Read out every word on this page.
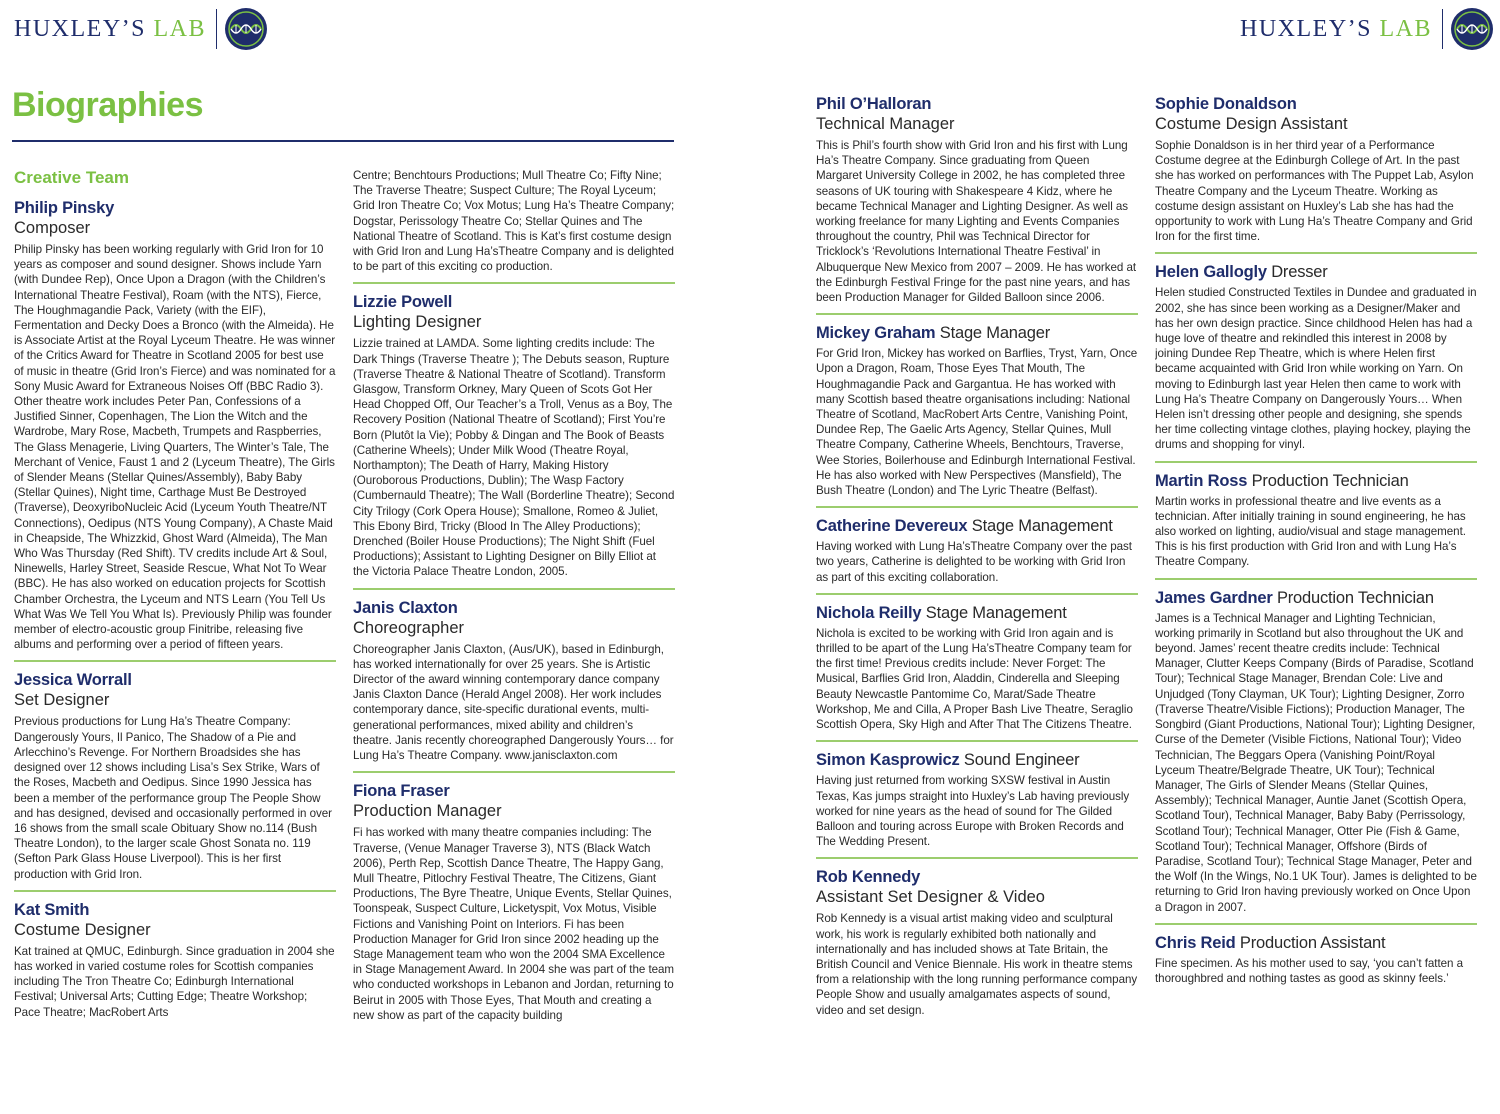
HUXLEY’S LAB	HUXLEY’S LAB
Biographies
Creative Team
Philip Pinsky
Composer

Philip Pinsky has been working regularly with Grid Iron for 10 years as composer and sound designer. Shows include Yarn (with Dundee Rep), Once Upon a Dragon (with the Children’s International Theatre Festival), Roam (with the NTS), Fierce, The Houghmagandie Pack, Variety (with the EIF), Fermentation and Decky Does a Bronco (with the Almeida). He is Associate Artist at the Royal Lyceum Theatre. He was winner of the Critics Award for Theatre in Scotland 2005 for best use of music in theatre (Grid Iron’s Fierce) and was nominated for a Sony Music Award for Extraneous Noises Off (BBC Radio 3). Other theatre work includes Peter Pan, Confessions of a Justified Sinner, Copenhagen, The Lion the Witch and the Wardrobe, Mary Rose, Macbeth, Trumpets and Raspberries, The Glass Menagerie, Living Quarters, The Winter’s Tale, The Merchant of Venice, Faust 1 and 2 (Lyceum Theatre), The Girls of Slender Means (Stellar Quines/Assembly), Baby Baby (Stellar Quines), Night time, Carthage Must Be Destroyed (Traverse), DeoxyriboNucleic Acid (Lyceum Youth Theatre/NT Connections), Oedipus (NTS Young Company), A Chaste Maid in Cheapside, The Whizzkid, Ghost Ward (Almeida), The Man Who Was Thursday (Red Shift). TV credits include Art & Soul, Ninewells, Harley Street, Seaside Rescue, What Not To Wear (BBC). He has also worked on education projects for Scottish Chamber Orchestra, the Lyceum and NTS Learn (You Tell Us What Was We Tell You What Is). Previously Philip was founder member of electro-acoustic group Finitribe, releasing five albums and performing over a period of fifteen years.

Jessica Worrall
Set Designer

Previous productions for Lung Ha’s Theatre Company: Dangerously Yours, Il Panico, The Shadow of a Pie and Arlecchino’s Revenge. For Northern Broadsides she has designed over 12 shows including Lisa’s Sex Strike, Wars of the Roses, Macbeth and Oedipus. Since 1990 Jessica has been a member of the performance group The People Show and has designed, devised and occasionally performed in over 16 shows from the small scale Obituary Show no.114 (Bush Theatre London), to the larger scale Ghost Sonata no. 119 (Sefton Park Glass House Liverpool). This is her first production with Grid Iron.

Kat Smith
Costume Designer

Kat trained at QMUC, Edinburgh. Since graduation in 2004 she has worked in varied costume roles for Scottish companies including The Tron Theatre Co; Edinburgh International Festival; Universal Arts; Cutting Edge; Theatre Workshop; Pace Theatre; MacRobert Arts

Centre; Benchtours Productions; Mull Theatre Co; Fifty Nine; The Traverse Theatre; Suspect Culture; The Royal Lyceum; Grid Iron Theatre Co; Vox Motus; Lung Ha’s Theatre Company; Dogstar, Perissology Theatre Co; Stellar Quines and The National Theatre of Scotland. This is Kat’s first costume design with Grid Iron and Lung Ha’sTheatre Company and is delighted to be part of this exciting co production.

Lizzie Powell
Lighting Designer

Lizzie trained at LAMDA. Some lighting credits include: The Dark Things (Traverse Theatre ); The Debuts season, Rupture (Traverse Theatre & National Theatre of Scotland). Transform Glasgow, Transform Orkney, Mary Queen of Scots Got Her Head Chopped Off, Our Teacher’s a Troll, Venus as a Boy, The Recovery Position (National Theatre of Scotland); First You’re Born (Plutôt la Vie); Pobby & Dingan and The Book of Beasts (Catherine Wheels); Under Milk Wood (Theatre Royal, Northampton); The Death of Harry, Making History (Ouroborous Productions, Dublin); The Wasp Factory (Cumbernauld Theatre); The Wall (Borderline Theatre); Second City Trilogy (Cork Opera House); Smallone, Romeo & Juliet, This Ebony Bird, Tricky (Blood In The Alley Productions); Drenched (Boiler House Productions); The Night Shift (Fuel Productions); Assistant to Lighting Designer on Billy Elliot at the Victoria Palace Theatre London, 2005.

Janis Claxton
Choreographer

Choreographer Janis Claxton, (Aus/UK), based in Edinburgh, has worked internationally for over 25 years. She is Artistic Director of the award winning contemporary dance company Janis Claxton Dance (Herald Angel 2008). Her work includes contemporary dance, site-specific durational events, multi-generational performances, mixed ability and children’s theatre. Janis recently choreographed Dangerously Yours… for Lung Ha’s Theatre Company. www.janisclaxton.com

Fiona Fraser
Production Manager

Fi has worked with many theatre companies including: The Traverse, (Venue Manager Traverse 3), NTS (Black Watch 2006), Perth Rep, Scottish Dance Theatre, The Happy Gang, Mull Theatre, Pitlochry Festival Theatre, The Citizens, Giant Productions, The Byre Theatre, Unique Events, Stellar Quines, Toonspeak, Suspect Culture, Licketyspit, Vox Motus, Visible Fictions and Vanishing Point on Interiors. Fi has been Production Manager for Grid Iron since 2002 heading up the Stage Management team who won the 2004 SMA Excellence in Stage Management Award. In 2004 she was part of the team who conducted workshops in Lebanon and Jordan, returning to Beirut in 2005 with Those Eyes, That Mouth and creating a new show as part of the capacity building

Phil O’Halloran
Technical Manager

This is Phil’s fourth show with Grid Iron and his first with Lung Ha’s Theatre Company. Since graduating from Queen Margaret University College in 2002, he has completed three seasons of UK touring with Shakespeare 4 Kidz, where he became Technical Manager and Lighting Designer. As well as working freelance for many Lighting and Events Companies throughout the country, Phil was Technical Director for Tricklock’s ‘Revolutions International Theatre Festival’ in Albuquerque New Mexico from 2007 – 2009. He has worked at the Edinburgh Festival Fringe for the past nine years, and has been Production Manager for Gilded Balloon since 2006.

Mickey Graham Stage Manager

For Grid Iron, Mickey has worked on Barflies, Tryst, Yarn, Once Upon a Dragon, Roam, Those Eyes That Mouth, The Houghmagandie Pack and Gargantua. He has worked with many Scottish based theatre organisations including: National Theatre of Scotland, MacRobert Arts Centre, Vanishing Point, Dundee Rep, The Gaelic Arts Agency, Stellar Quines, Mull Theatre Company, Catherine Wheels, Benchtours, Traverse, Wee Stories, Boilerhouse and Edinburgh International Festival. He has also worked with New Perspectives (Mansfield), The Bush Theatre (London) and The Lyric Theatre (Belfast).

Catherine Devereux Stage Management

Having worked with Lung Ha’sTheatre Company over the past two years, Catherine is delighted to be working with Grid Iron as part of this exciting collaboration.

Nichola Reilly Stage Management

Nichola is excited to be working with Grid Iron again and is thrilled to be apart of the Lung Ha’sTheatre Company team for the first time! Previous credits include: Never Forget: The Musical, Barflies Grid Iron, Aladdin, Cinderella and Sleeping Beauty Newcastle Pantomime Co, Marat/Sade Theatre Workshop, Me and Cilla, A Proper Bash Live Theatre, Seraglio Scottish Opera, Sky High and After That The Citizens Theatre.

Simon Kasprowicz Sound Engineer

Having just returned from working SXSW festival in Austin Texas, Kas jumps straight into Huxley’s Lab having previously worked for nine years as the head of sound for The Gilded Balloon and touring across Europe with Broken Records and The Wedding Present.

Rob Kennedy
Assistant Set Designer & Video

Rob Kennedy is a visual artist making video and sculptural work, his work is regularly exhibited both nationally and internationally and has included shows at Tate Britain, the British Council and Venice Biennale. His work in theatre stems from a relationship with the long running performance company People Show and usually amalgamates aspects of sound, video and set design.

Sophie Donaldson
Costume Design Assistant

Sophie Donaldson is in her third year of a Performance Costume degree at the Edinburgh College of Art. In the past she has worked on performances with The Puppet Lab, Asylon Theatre Company and the Lyceum Theatre. Working as costume design assistant on Huxley’s Lab she has had the opportunity to work with Lung Ha’s Theatre Company and Grid Iron for the first time.

Helen Gallogly Dresser

Helen studied Constructed Textiles in Dundee and graduated in 2002, she has since been working as a Designer/Maker and has her own design practice. Since childhood Helen has had a huge love of theatre and rekindled this interest in 2008 by joining Dundee Rep Theatre, which is where Helen first became acquainted with Grid Iron while working on Yarn. On moving to Edinburgh last year Helen then came to work with Lung Ha’s Theatre Company on Dangerously Yours… When Helen isn’t dressing other people and designing, she spends her time collecting vintage clothes, playing hockey, playing the drums and shopping for vinyl.

Martin Ross Production Technician

Martin works in professional theatre and live events as a technician. After initially training in sound engineering, he has also worked on lighting, audio/visual and stage management. This is his first production with Grid Iron and with Lung Ha’s Theatre Company.

James Gardner Production Technician

James is a Technical Manager and Lighting Technician, working primarily in Scotland but also throughout the UK and beyond. James’ recent theatre credits include: Technical Manager, Clutter Keeps Company (Birds of Paradise, Scotland Tour); Technical Stage Manager, Brendan Cole: Live and Unjudged (Tony Clayman, UK Tour); Lighting Designer, Zorro (Traverse Theatre/Visible Fictions); Production Manager, The Songbird (Giant Productions, National Tour); Lighting Designer, Curse of the Demeter (Visible Fictions, National Tour); Video Technician, The Beggars Opera (Vanishing Point/Royal Lyceum Theatre/Belgrade Theatre, UK Tour); Technical Manager, The Girls of Slender Means (Stellar Quines, Assembly); Technical Manager, Auntie Janet (Scottish Opera, Scotland Tour), Technical Manager, Baby Baby (Perrissology, Scotland Tour); Technical Manager, Otter Pie (Fish & Game, Scotland Tour); Technical Manager, Offshore (Birds of Paradise, Scotland Tour); Technical Stage Manager, Peter and the Wolf (In the Wings, No.1 UK Tour). James is delighted to be returning to Grid Iron having previously worked on Once Upon a Dragon in 2007.

Chris Reid Production Assistant

Fine specimen. As his mother used to say, ‘you can’t fatten a thoroughbred and nothing tastes as good as skinny feels.’
